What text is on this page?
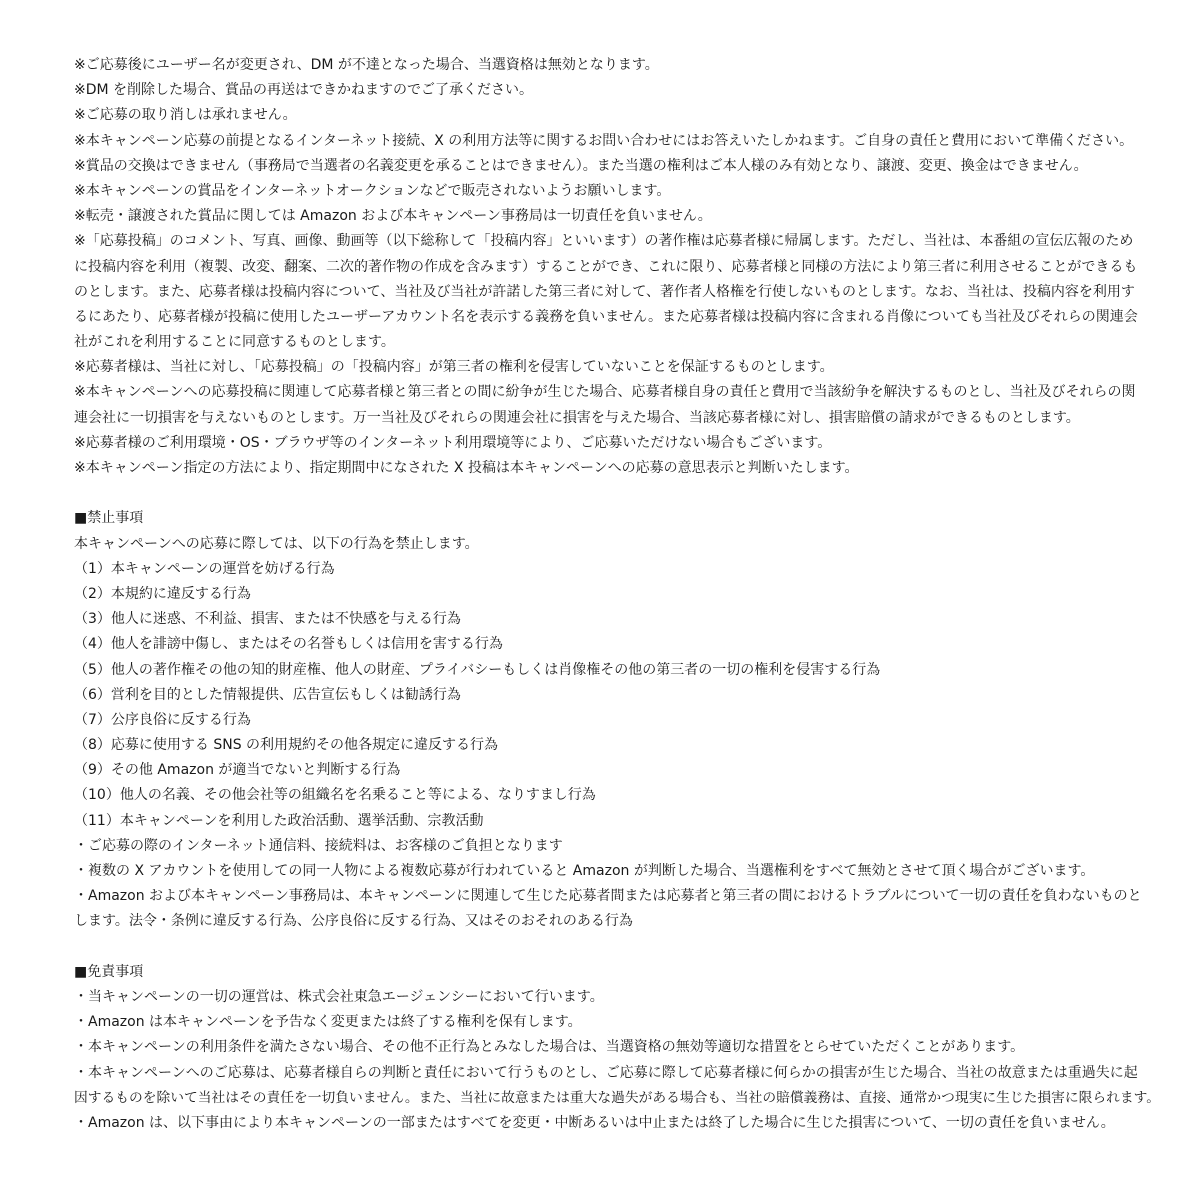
※ご応募後にユーザー名が変更され、DM が不達となった場合、当選資格は無効となります。
※DM を削除した場合、賞品の再送はできかねますのでご了承ください。
※ご応募の取り消しは承れません。
※本キャンペーン応募の前提となるインターネット接続、X の利用方法等に関するお問い合わせにはお答えいたしかねます。ご自身の責任と費用において準備ください。
※賞品の交換はできません（事務局で当選者の名義変更を承ることはできません）。また当選の権利はご本人様のみ有効となり、譲渡、変更、換金はできません。
※本キャンペーンの賞品をインターネットオークションなどで販売されないようお願いします。
※転売・譲渡された賞品に関しては Amazon および本キャンペーン事務局は一切責任を負いません。
※「応募投稿」のコメント、写真、画像、動画等（以下総称して「投稿内容」といいます）の著作権は応募者様に帰属します。ただし、当社は、本番組の宣伝広報のため
に投稿内容を利用（複製、改変、翻案、二次的著作物の作成を含みます）することができ、これに限り、応募者様と同様の方法により第三者に利用させることができるも
のとします。また、応募者様は投稿内容について、当社及び当社が許諾した第三者に対して、著作者人格権を行使しないものとします。なお、当社は、投稿内容を利用す
るにあたり、応募者様が投稿に使用したユーザーアカウント名を表示する義務を負いません。また応募者様は投稿内容に含まれる肖像についても当社及びそれらの関連会
社がこれを利用することに同意するものとします。
※応募者様は、当社に対し、「応募投稿」の「投稿内容」が第三者の権利を侵害していないことを保証するものとします。
※本キャンペーンへの応募投稿に関連して応募者様と第三者との間に紛争が生じた場合、応募者様自身の責任と費用で当該紛争を解決するものとし、当社及びそれらの関
連会社に一切損害を与えないものとします。万一当社及びそれらの関連会社に損害を与えた場合、当該応募者様に対し、損害賠償の請求ができるものとします。
※応募者様のご利用環境・OS・ブラウザ等のインターネット利用環境等により、ご応募いただけない場合もございます。
※本キャンペーン指定の方法により、指定期間中になされた X 投稿は本キャンペーンへの応募の意思表示と判断いたします。
■禁止事項
本キャンペーンへの応募に際しては、以下の行為を禁止します。
（1）本キャンペーンの運営を妨げる行為
（2）本規約に違反する行為
（3）他人に迷惑、不利益、損害、または不快感を与える行為
（4）他人を誹謗中傷し、またはその名誉もしくは信用を害する行為
（5）他人の著作権その他の知的財産権、他人の財産、プライバシーもしくは肖像権その他の第三者の一切の権利を侵害する行為
（6）営利を目的とした情報提供、広告宣伝もしくは勧誘行為
（7）公序良俗に反する行為
（8）応募に使用する SNS の利用規約その他各規定に違反する行為
（9）その他 Amazon が適当でないと判断する行為
（10）他人の名義、その他会社等の組織名を名乗ること等による、なりすまし行為
（11）本キャンペーンを利用した政治活動、選挙活動、宗教活動
・ご応募の際のインターネット通信料、接続料は、お客様のご負担となります
・複数の X アカウントを使用しての同一人物による複数応募が行われていると Amazon が判断した場合、当選権利をすべて無効とさせて頂く場合がございます。
・Amazon および本キャンペーン事務局は、本キャンペーンに関連して生じた応募者間または応募者と第三者の間におけるトラブルについて一切の責任を負わないものと
します。法令・条例に違反する行為、公序良俗に反する行為、又はそのおそれのある行為
■免責事項
・当キャンペーンの一切の運営は、株式会社東急エージェンシーにおいて行います。
・Amazon は本キャンペーンを予告なく変更または終了する権利を保有します。
・本キャンペーンの利用条件を満たさない場合、その他不正行為とみなした場合は、当選資格の無効等適切な措置をとらせていただくことがあります。
・本キャンペーンへのご応募は、応募者様自らの判断と責任において行うものとし、ご応募に際して応募者様に何らかの損害が生じた場合、当社の故意または重過失に起
因するものを除いて当社はその責任を一切負いません。また、当社に故意または重大な過失がある場合も、当社の賠償義務は、直接、通常かつ現実に生じた損害に限られます。
・Amazon は、以下事由により本キャンペーンの一部またはすべてを変更・中断あるいは中止または終了した場合に生じた損害について、一切の責任を負いません。
